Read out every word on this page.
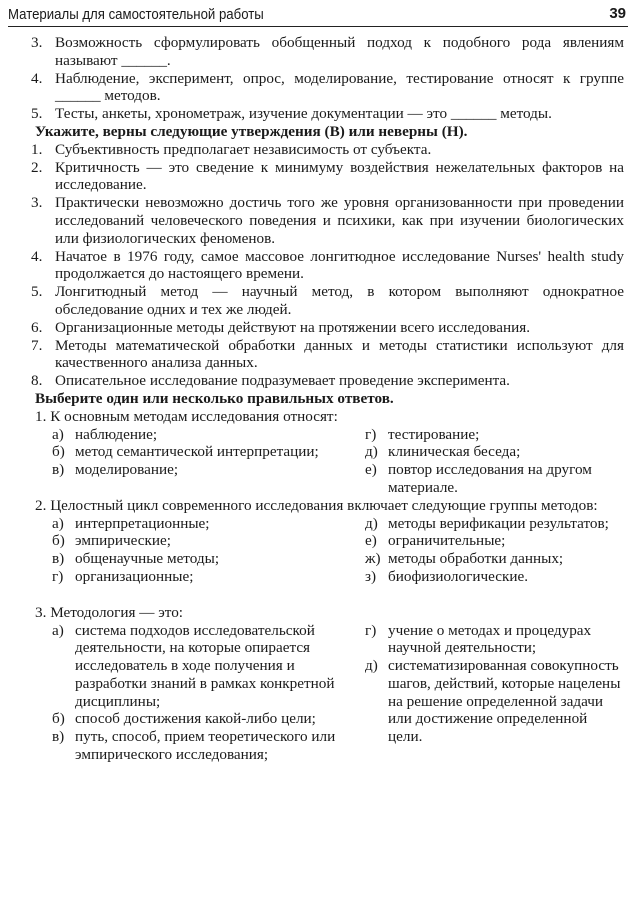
Материалы для самостоятельной работы	39
3. Возможность сформулировать обобщенный подход к подобного рода явлениям называют ______.
4. Наблюдение, эксперимент, опрос, моделирование, тестирование относят к группе ______ методов.
5. Тесты, анкеты, хронометраж, изучение документации — это ______ методы.
Укажите, верны следующие утверждения (В) или неверны (Н).
1. Субъективность предполагает независимость от субъекта.
2. Критичность — это сведение к минимуму воздействия нежелательных факторов на исследование.
3. Практически невозможно достичь того же уровня организованности при проведении исследований человеческого поведения и психики, как при изучении биологических или физиологических феноменов.
4. Начатое в 1976 году, самое массовое лонгитюдное исследование Nurses' health study продолжается до настоящего времени.
5. Лонгитюдный метод — научный метод, в котором выполняют однократное обследование одних и тех же людей.
6. Организационные методы действуют на протяжении всего исследования.
7. Методы математической обработки данных и методы статистики используют для качественного анализа данных.
8. Описательное исследование подразумевает проведение эксперимента.
Выберите один или несколько правильных ответов.
1. К основным методам исследования относят:
а) наблюдение;
б) метод семантической интерпретации;
в) моделирование;
г) тестирование;
д) клиническая беседа;
е) повтор исследования на другом материале.
2. Целостный цикл современного исследования включает следующие группы методов:
а) интерпретационные;
б) эмпирические;
в) общенаучные методы;
г) организационные;
д) методы верификации результатов;
е) ограничительные;
ж) методы обработки данных;
з) биофизиологические.
3. Методология — это:
а) система подходов исследовательской деятельности, на которые опирается исследователь в ходе получения и разработки знаний в рамках конкретной дисциплины;
б) способ достижения какой-либо цели;
в) путь, способ, прием теоретического или эмпирического исследования;
г) учение о методах и процедурах научной деятельности;
д) систематизированная совокупность шагов, действий, которые нацелены на решение определенной задачи или достижение определенной цели.
